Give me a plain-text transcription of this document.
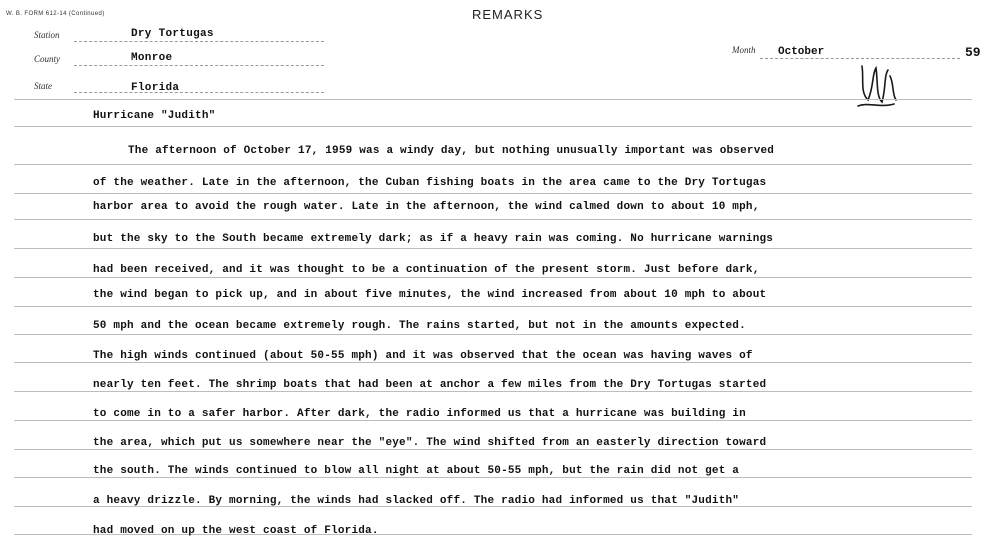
W. B. FORM 612-14 (Continued)	REMARKS
Station	Dry Tortugas
County	Monroe
State	Florida
Month October	59
Hurricane "Judith"
The afternoon of October 17, 1959 was a windy day, but nothing unusually important was observed
of the weather. Late in the afternoon, the Cuban fishing boats in the area came to the Dry Tortugas
harbor area to avoid the rough water. Late in the afternoon, the wind calmed down to about 10 mph,
but the sky to the South became extremely dark; as if a heavy rain was coming. No hurricane warnings
had been received, and it was thought to be a continuation of the present storm. Just before dark,
the wind began to pick up, and in about five minutes, the wind increased from about 10 mph to about
50 mph and the ocean became extremely rough. The rains started, but not in the amounts expected.
The high winds continued (about 50-55 mph) and it was observed that the ocean was having waves of
nearly ten feet. The shrimp boats that had been at anchor a few miles from the Dry Tortugas started
to come in to a safer harbor. After dark, the radio informed us that a hurricane was building in
the area, which put us somewhere near the "eye". The wind shifted from an easterly direction toward
the south. The winds continued to blow all night at about 50-55 mph, but the rain did not get a
a heavy drizzle. By morning, the winds had slacked off. The radio had informed us that "Judith"
had moved on up the west coast of Florida.
